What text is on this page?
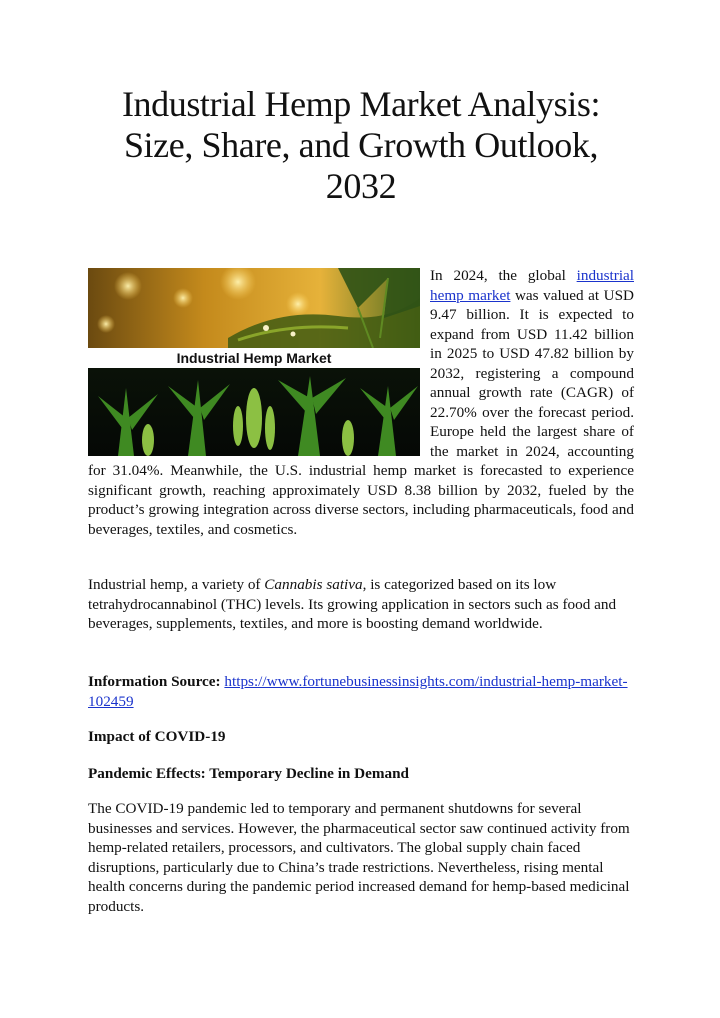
Industrial Hemp Market Analysis: Size, Share, and Growth Outlook, 2032

Industrial Hemp Market
In 2024, the global industrial hemp market was valued at USD 9.47 billion. It is expected to expand from USD 11.42 billion in 2025 to USD 47.82 billion by 2032, registering a compound annual growth rate (CAGR) of 22.70% over the forecast period. Europe held the largest share of the market in 2024, accounting for 31.04%. Meanwhile, the U.S. industrial hemp market is forecasted to experience significant growth, reaching approximately USD 8.38 billion by 2032, fueled by the product’s growing integration across diverse sectors, including pharmaceuticals, food and beverages, textiles, and cosmetics.

Industrial hemp, a variety of Cannabis sativa, is categorized based on its low tetrahydrocannabinol (THC) levels. Its growing application in sectors such as food and beverages, supplements, textiles, and more is boosting demand worldwide.

Information Source: https://www.fortunebusinessinsights.com/industrial-hemp-market-102459

Impact of COVID-19

Pandemic Effects: Temporary Decline in Demand

The COVID-19 pandemic led to temporary and permanent shutdowns for several businesses and services. However, the pharmaceutical sector saw continued activity from hemp-related retailers, processors, and cultivators. The global supply chain faced disruptions, particularly due to China’s trade restrictions. Nevertheless, rising mental health concerns during the pandemic period increased demand for hemp-based medicinal products.
